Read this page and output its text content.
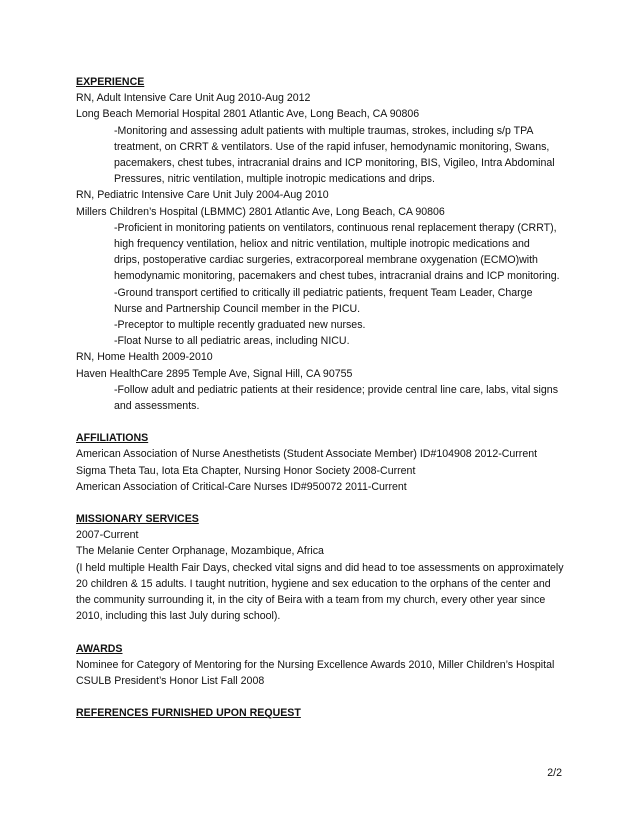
EXPERIENCE
RN, Adult Intensive Care Unit Aug 2010-Aug 2012
Long Beach Memorial Hospital 2801 Atlantic Ave, Long Beach, CA 90806
-Monitoring and assessing adult patients with multiple traumas, strokes, including s/p TPA
treatment, on CRRT & ventilators. Use of the rapid infuser, hemodynamic monitoring, Swans,
pacemakers, chest tubes, intracranial drains and ICP monitoring, BIS, Vigileo, Intra Abdominal
Pressures, nitric ventilation, multiple inotropic medications and drips.
RN, Pediatric Intensive Care Unit July 2004-Aug 2010
Millers Children’s Hospital (LBMMC) 2801 Atlantic Ave, Long Beach, CA 90806
-Proficient in monitoring patients on ventilators, continuous renal replacement therapy (CRRT),
high frequency ventilation, heliox and nitric ventilation, multiple inotropic medications and
drips, postoperative cardiac surgeries, extracorporeal membrane oxygenation (ECMO)with
hemodynamic monitoring, pacemakers and chest tubes, intracranial drains and ICP monitoring.
-Ground transport certified to critically ill pediatric patients, frequent Team Leader, Charge
Nurse and Partnership Council member in the PICU.
-Preceptor to multiple recently graduated new nurses.
-Float Nurse to all pediatric areas, including NICU.
RN, Home Health 2009-2010
Haven HealthCare 2895 Temple Ave, Signal Hill, CA 90755
-Follow adult and pediatric patients at their residence; provide central line care, labs, vital signs
and assessments.
AFFILIATIONS
American Association of Nurse Anesthetists (Student Associate Member) ID#104908 2012-Current
Sigma Theta Tau, Iota Eta Chapter, Nursing Honor Society 2008-Current
American Association of Critical-Care Nurses ID#950072 2011-Current
MISSIONARY SERVICES
2007-Current
The Melanie Center Orphanage, Mozambique, Africa
(I held multiple Health Fair Days, checked vital signs and did head to toe assessments on approximately
20 children & 15 adults. I taught nutrition, hygiene and sex education to the orphans of the center and
the community surrounding it, in the city of Beira with a team from my church, every other year since
2010, including this last July during school).
AWARDS
Nominee for Category of Mentoring for the Nursing Excellence Awards 2010, Miller Children’s Hospital
CSULB President’s Honor List Fall 2008
REFERENCES FURNISHED UPON REQUEST
2/2
